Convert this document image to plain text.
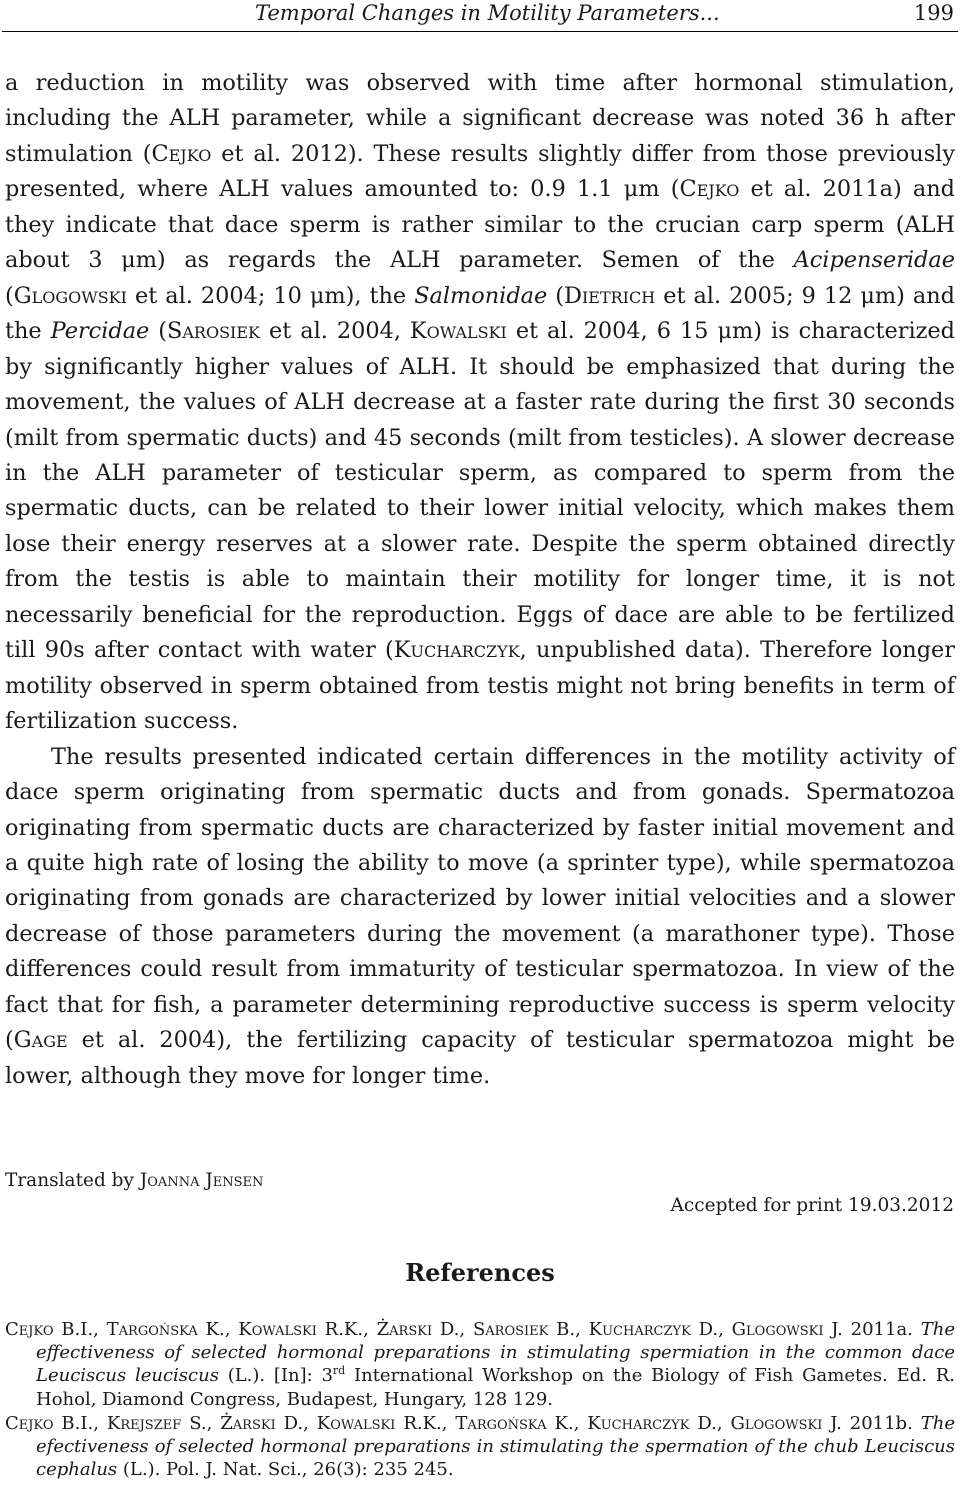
Temporal Changes in Motility Parameters...	199

a reduction in motility was observed with time after hormonal stimulation, including the ALH parameter, while a significant decrease was noted 36 h after stimulation (Cejko et al. 2012). These results slightly differ from those previously presented, where ALH values amounted to: 0.9 1.1 μm (Cejko et al. 2011a) and they indicate that dace sperm is rather similar to the crucian carp sperm (ALH about 3 μm) as regards the ALH parameter. Semen of the Acipenseridae (Glogowski et al. 2004; 10 μm), the Salmonidae (Dietrich et al. 2005; 9 12 μm) and the Percidae (Sarosiek et al. 2004, Kowalski et al. 2004, 6 15 μm) is characterized by significantly higher values of ALH. It should be emphasized that during the movement, the values of ALH decrease at a faster rate during the first 30 seconds (milt from spermatic ducts) and 45 seconds (milt from testicles). A slower decrease in the ALH parameter of testicular sperm, as compared to sperm from the spermatic ducts, can be related to their lower initial velocity, which makes them lose their energy reserves at a slower rate. Despite the sperm obtained directly from the testis is able to maintain their motility for longer time, it is not necessarily beneficial for the reproduction. Eggs of dace are able to be fertilized till 90s after contact with water (Kucharczyk, unpublished data). Therefore longer motility observed in sperm obtained from testis might not bring benefits in term of fertilization success.

The results presented indicated certain differences in the motility activity of dace sperm originating from spermatic ducts and from gonads. Spermatozoa originating from spermatic ducts are characterized by faster initial movement and a quite high rate of losing the ability to move (a sprinter type), while spermatozoa originating from gonads are characterized by lower initial velocities and a slower decrease of those parameters during the movement (a marathoner type). Those differences could result from immaturity of testicular spermatozoa. In view of the fact that for fish, a parameter determining reproductive success is sperm velocity (Gage et al. 2004), the fertilizing capacity of testicular spermatozoa might be lower, although they move for longer time.

Translated by Joanna Jensen
Accepted for print 19.03.2012
References

Cejko B.I., Targońska K., Kowalski R.K., Żarski D., Sarosiek B., Kucharczyk D., Glogowski J. 2011a. The effectiveness of selected hormonal preparations in stimulating spermiation in the common dace Leuciscus leuciscus (L.). [In]: 3rd International Workshop on the Biology of Fish Gametes. Ed. R. Hohol, Diamond Congress, Budapest, Hungary, 128 129.

Cejko B.I., Krejszef S., Żarski D., Kowalski R.K., Targońska K., Kucharczyk D., Glogowski J. 2011b. The efectiveness of selected hormonal preparations in stimulating the spermation of the chub Leuciscus cephalus (L.). Pol. J. Nat. Sci., 26(3): 235 245.
